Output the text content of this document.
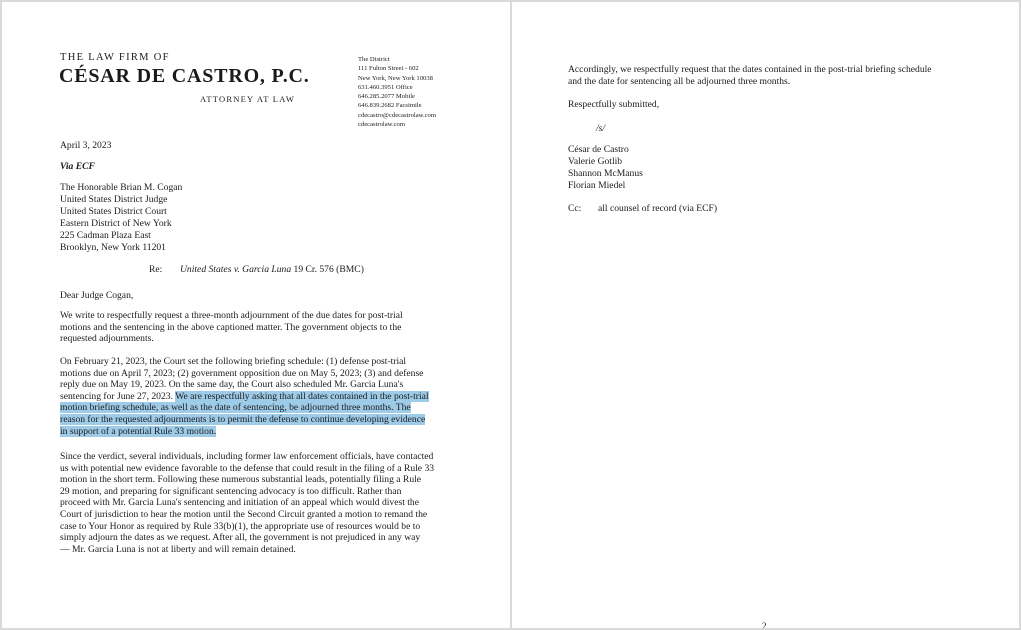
THE LAW FIRM OF
CÉSAR DE CASTRO, P.C.
ATTORNEY AT LAW
The District
111 Fulton Street - 602
New York, New York 10038
631.460.3951 Office
646.285.2077 Mobile
646.839.2682 Facsimile
cdecastro@cdecastrolaw.com
cdecastrolaw.com
April 3, 2023
Via ECF
The Honorable Brian M. Cogan
United States District Judge
United States District Court
Eastern District of New York
225 Cadman Plaza East
Brooklyn, New York 11201
Re: United States v. Garcia Luna 19 Cr. 576 (BMC)
Dear Judge Cogan,
We write to respectfully request a three-month adjournment of the due dates for post-trial
motions and the sentencing in the above captioned matter. The government objects to the
requested adjournments.
On February 21, 2023, the Court set the following briefing schedule: (1) defense post-trial
motions due on April 7, 2023; (2) government opposition due on May 5, 2023; (3) and defense
reply due on May 19, 2023. On the same day, the Court also scheduled Mr. Garcia Luna's
sentencing for June 27, 2023. We are respectfully asking that all dates contained in the post-trial
motion briefing schedule, as well as the date of sentencing, be adjourned three months. The
reason for the requested adjournments is to permit the defense to continue developing evidence
in support of a potential Rule 33 motion.
Since the verdict, several individuals, including former law enforcement officials, have contacted
us with potential new evidence favorable to the defense that could result in the filing of a Rule 33
motion in the short term. Following these numerous substantial leads, potentially filing a Rule
29 motion, and preparing for significant sentencing advocacy is too difficult. Rather than
proceed with Mr. Garcia Luna's sentencing and initiation of an appeal which would divest the
Court of jurisdiction to hear the motion until the Second Circuit granted a motion to remand the
case to Your Honor as required by Rule 33(b)(1), the appropriate use of resources would be to
simply adjourn the dates as we request. After all, the government is not prejudiced in any way
— Mr. Garcia Luna is not at liberty and will remain detained.
Accordingly, we respectfully request that the dates contained in the post-trial briefing schedule
and the date for sentencing all be adjourned three months.
Respectfully submitted,
/s/
César de Castro
Valerie Gotlib
Shannon McManus
Florian Miedel
Cc: all counsel of record (via ECF)
2
